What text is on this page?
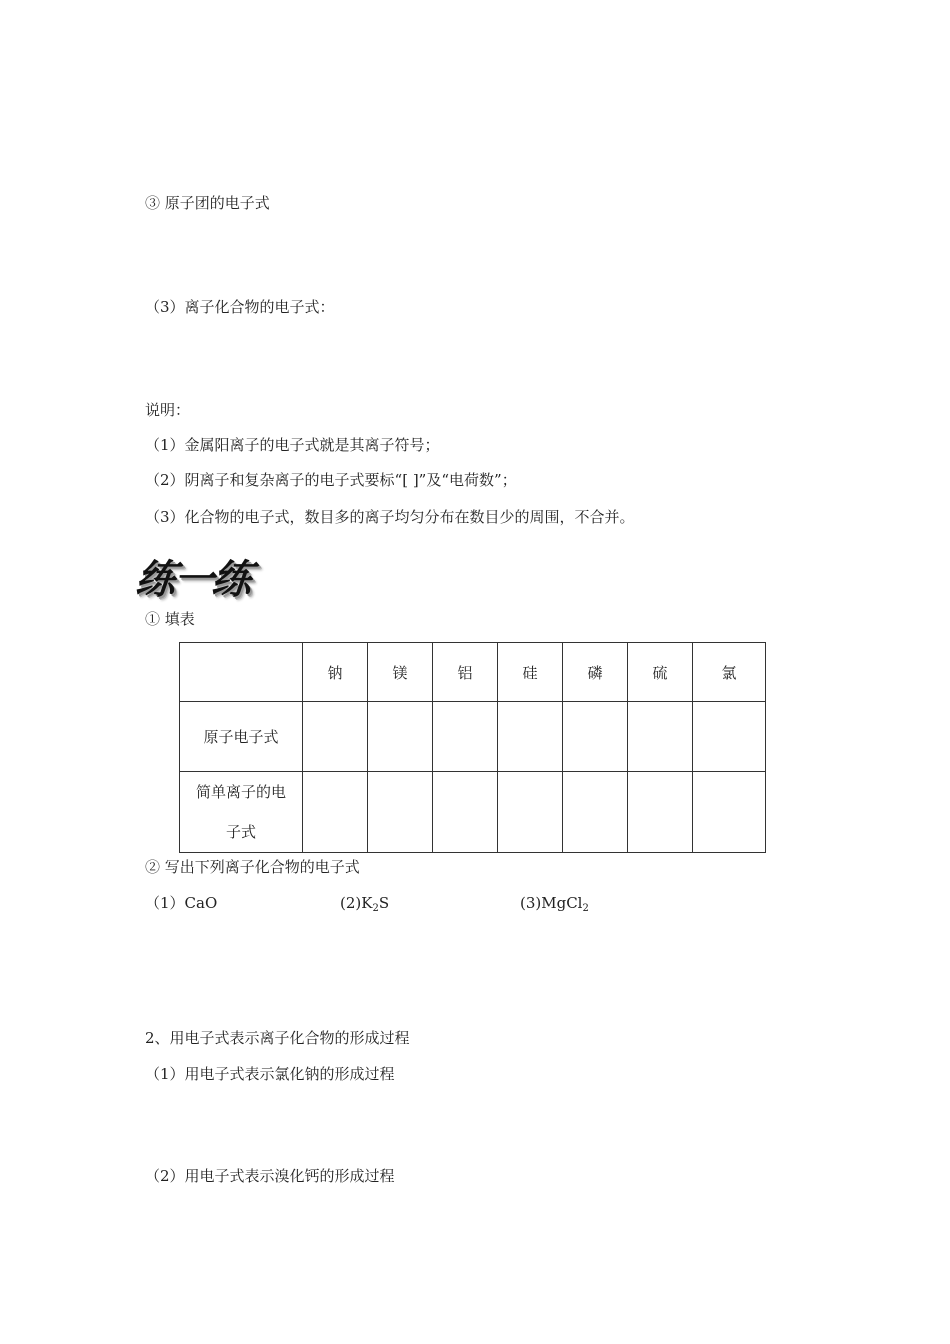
③ 原子团的电子式
（3）离子化合物的电子式：
说明：
（1）金属阳离子的电子式就是其离子符号；
（2）阴离子和复杂离子的电子式要标“[ ]”及“电荷数”；
（3）化合物的电子式，数目多的离子均匀分布在数目少的周围，不合并。
练一练
① 填表
	钠	镁	铝	硅	磷	硫	氯
原子电子式							

简单离子的电
子式							

② 写出下列离子化合物的电子式
（1）CaO	$(2)K_2S$	(3)MgCl$_2$
2、用电子式表示离子化合物的形成过程
（1）用电子式表示氯化钠的形成过程
（2）用电子式表示溴化钙的形成过程
